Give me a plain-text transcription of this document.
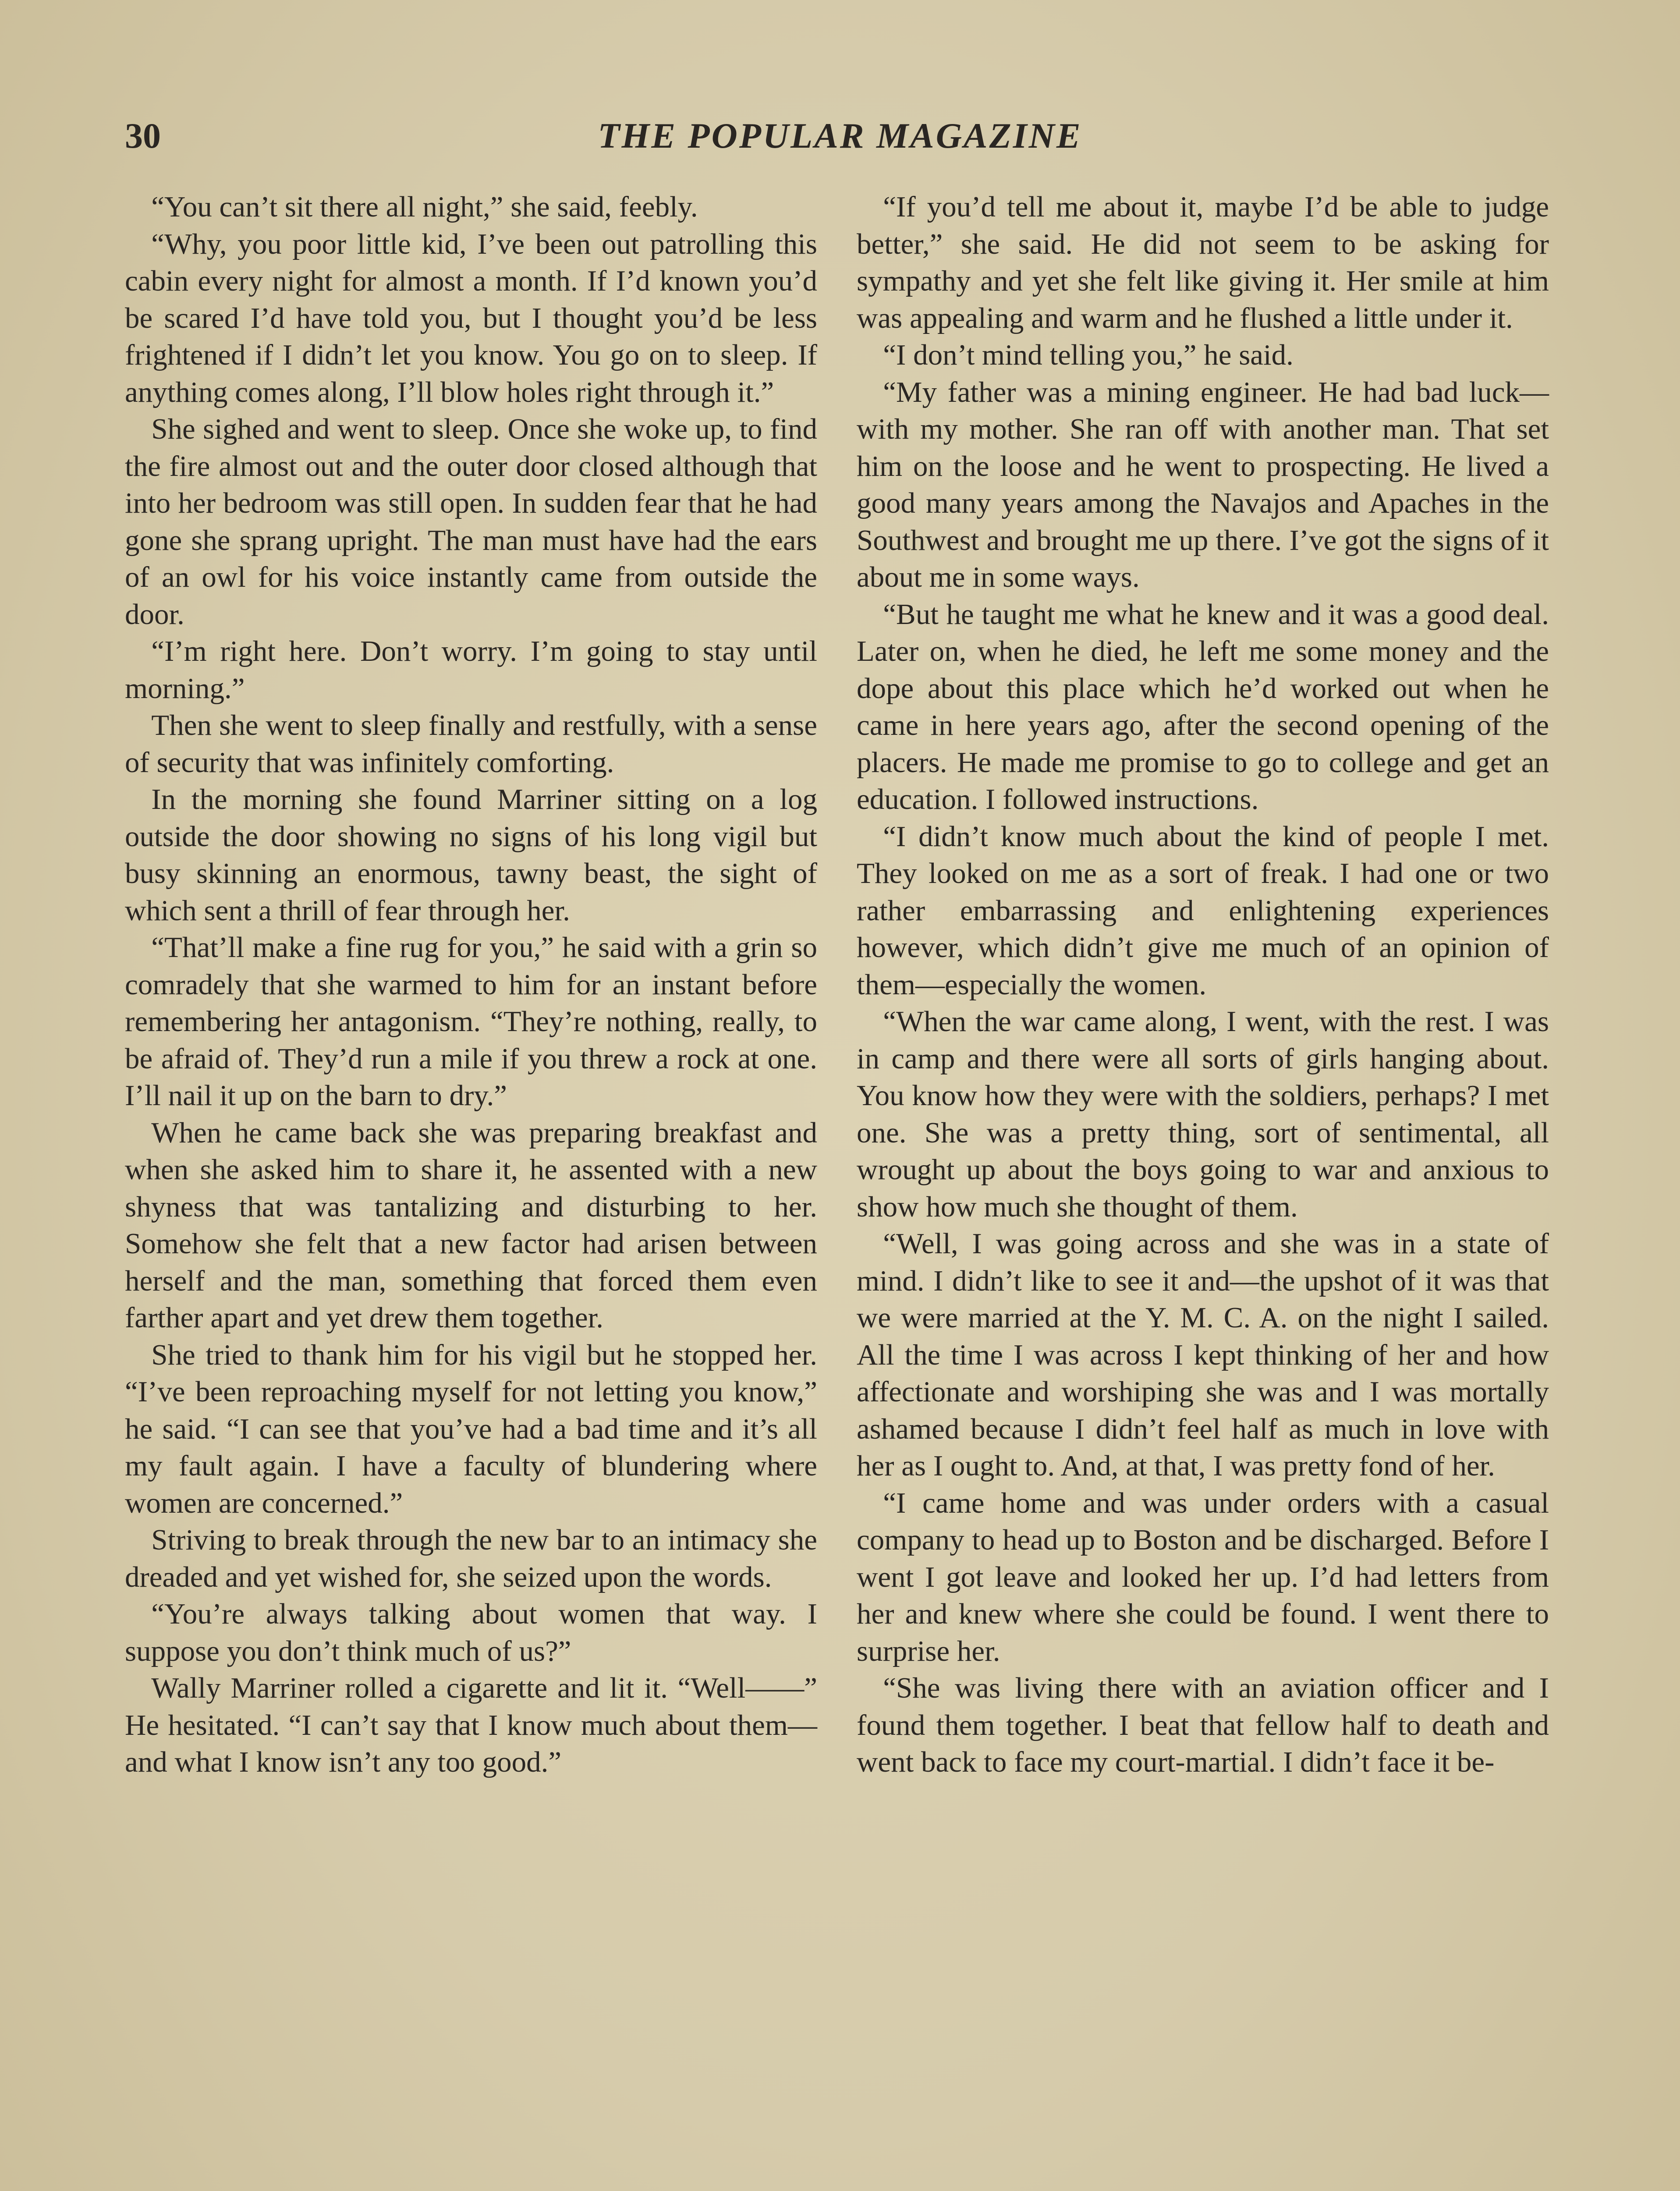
30	THE POPULAR MAGAZINE

“You can’t sit there all night,” she said, feebly.

“Why, you poor little kid, I’ve been out patrolling this cabin every night for almost a month. If I’d known you’d be scared I’d have told you, but I thought you’d be less frightened if I didn’t let you know. You go on to sleep. If anything comes along, I’ll blow holes right through it.”

She sighed and went to sleep. Once she woke up, to find the fire almost out and the outer door closed although that into her bedroom was still open. In sudden fear that he had gone she sprang upright. The man must have had the ears of an owl for his voice instantly came from outside the door.

“I’m right here. Don’t worry. I’m going to stay until morning.”

Then she went to sleep finally and restfully, with a sense of security that was infinitely comforting.

In the morning she found Marriner sitting on a log outside the door showing no signs of his long vigil but busy skinning an enormous, tawny beast, the sight of which sent a thrill of fear through her.

“That’ll make a fine rug for you,” he said with a grin so comradely that she warmed to him for an instant before remembering her antagonism. “They’re nothing, really, to be afraid of. They’d run a mile if you threw a rock at one. I’ll nail it up on the barn to dry.”

When he came back she was preparing breakfast and when she asked him to share it, he assented with a new shyness that was tantalizing and disturbing to her. Somehow she felt that a new factor had arisen between herself and the man, something that forced them even farther apart and yet drew them together.

She tried to thank him for his vigil but he stopped her. “I’ve been reproaching myself for not letting you know,” he said. “I can see that you’ve had a bad time and it’s all my fault again. I have a faculty of blundering where women are concerned.”

Striving to break through the new bar to an intimacy she dreaded and yet wished for, she seized upon the words.

“You’re always talking about women that way. I suppose you don’t think much of us?”

Wally Marriner rolled a cigarette and lit it. “Well——” He hesitated. “I can’t say that I know much about them—and what I know isn’t any too good.”

“If you’d tell me about it, maybe I’d be able to judge better,” she said. He did not seem to be asking for sympathy and yet she felt like giving it. Her smile at him was appealing and warm and he flushed a little under it.

“I don’t mind telling you,” he said.

“My father was a mining engineer. He had bad luck—with my mother. She ran off with another man. That set him on the loose and he went to prospecting. He lived a good many years among the Navajos and Apaches in the Southwest and brought me up there. I’ve got the signs of it about me in some ways.

“But he taught me what he knew and it was a good deal. Later on, when he died, he left me some money and the dope about this place which he’d worked out when he came in here years ago, after the second opening of the placers. He made me promise to go to college and get an education. I followed instructions.

“I didn’t know much about the kind of people I met. They looked on me as a sort of freak. I had one or two rather embarrassing and enlightening experiences however, which didn’t give me much of an opinion of them—especially the women.

“When the war came along, I went, with the rest. I was in camp and there were all sorts of girls hanging about. You know how they were with the soldiers, perhaps? I met one. She was a pretty thing, sort of sentimental, all wrought up about the boys going to war and anxious to show how much she thought of them.

“Well, I was going across and she was in a state of mind. I didn’t like to see it and—the upshot of it was that we were married at the Y. M. C. A. on the night I sailed. All the time I was across I kept thinking of her and how affectionate and worshiping she was and I was mortally ashamed because I didn’t feel half as much in love with her as I ought to. And, at that, I was pretty fond of her.

“I came home and was under orders with a casual company to head up to Boston and be discharged. Before I went I got leave and looked her up. I’d had letters from her and knew where she could be found. I went there to surprise her.

“She was living there with an aviation officer and I found them together. I beat that fellow half to death and went back to face my court-martial. I didn’t face it be-
